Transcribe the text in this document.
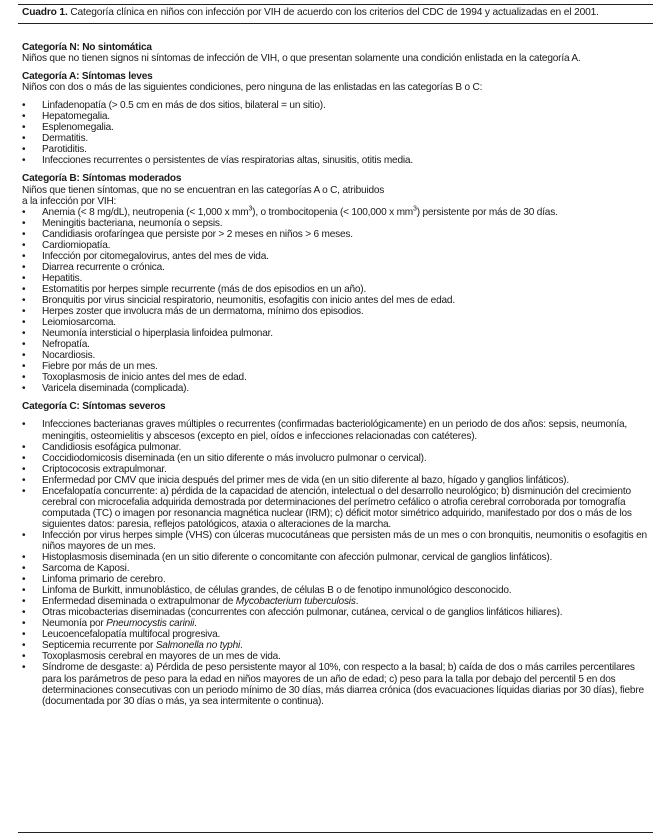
Cuadro 1. Categoría clínica en niños con infección por VIH de acuerdo con los criterios del CDC de 1994 y actualizadas en el 2001.
Categoría N: No sintomática
Niños que no tienen signos ni síntomas de infección de VIH, o que presentan solamente una condición enlistada en la categoría A.
Categoría A: Síntomas leves
Niños con dos o más de las siguientes condiciones, pero ninguna de las enlistadas en las categorías B o C:
• Linfadenopatía (> 0.5 cm en más de dos sitios, bilateral = un sitio).
• Hepatomegalia.
• Esplenomegalia.
• Dermatitis.
• Parotiditis.
• Infecciones recurrentes o persistentes de vías respiratorias altas, sinusitis, otitis media.
Categoría B: Síntomas moderados
Niños que tienen síntomas, que no se encuentran en las categorías A o C, atribuidos
a la infección por VIH:
• Anemia (< 8 mg/dL), neutropenia (< 1,000 x $mm^3$), o trombocitopenia (< 100,000 x $mm^3$) persistente por más de 30 días.
• Meningitis bacteriana, neumonía o sepsis.
• Candidiasis orofaríngea que persiste por > 2 meses en niños > 6 meses.
• Cardiomiopatía.
• Infección por citomegalovirus, antes del mes de vida.
• Diarrea recurrente o crónica.
• Hepatitis.
• Estomatitis por herpes simple recurrente (más de dos episodios en un año).
• Bronquitis por virus sincicial respiratorio, neumonitis, esofagitis con inicio antes del mes de edad.
• Herpes zoster que involucra más de un dermatoma, mínimo dos episodios.
• Leiomiosarcoma.
• Neumonía intersticial o hiperplasia linfoidea pulmonar.
• Nefropatía.
• Nocardiosis.
• Fiebre por más de un mes.
• Toxoplasmosis de inicio antes del mes de edad.
• Varicela diseminada (complicada).
Categoría C: Síntomas severos
• Infecciones bacterianas graves múltiples o recurrentes (confirmadas bacteriológicamente) en un periodo de dos años: sepsis, neumonía, meningitis, osteomielitis y abscesos (excepto en piel, oídos e infecciones relacionadas con catéteres).
• Candidiosis esofágica pulmonar.
• Coccidiodomicosis diseminada (en un sitio diferente o más involucro pulmonar o cervical).
• Criptococosis extrapulmonar.
• Enfermedad por CMV que inicia después del primer mes de vida (en un sitio diferente al bazo, hígado y ganglios linfáticos).
• Encefalopatía concurrente: a) pérdida de la capacidad de atención, intelectual o del desarrollo neurológico; b) disminución del crecimiento cerebral con microcefalia adquirida demostrada por determinaciones del perímetro cefálico o atrofia cerebral corroborada por tomografía computada (TC) o imagen por resonancia magnética nuclear (IRM); c) déficit motor simétrico adquirido, manifestado por dos o más de los siguientes datos: paresia, reflejos patológicos, ataxia o alteraciones de la marcha.
• Infección por virus herpes simple (VHS) con úlceras mucocutáneas que persisten más de un mes o con bronquitis, neumonitis o esofagitis en niños mayores de un mes.
• Histoplasmosis diseminada (en un sitio diferente o concomitante con afección pulmonar, cervical de ganglios linfáticos).
• Sarcoma de Kaposi.
• Linfoma primario de cerebro.
• Linfoma de Burkitt, inmunoblástico, de células grandes, de células B o de fenotipo inmunológico desconocido.
• Enfermedad diseminada o extrapulmonar de Mycobacterium tuberculosis.
• Otras micobacterias diseminadas (concurrentes con afección pulmonar, cutánea, cervical o de ganglios linfáticos hiliares).
• Neumonía por Pneumocystis carinii.
• Leucoencefalopatía multifocal progresiva.
• Septicemia recurrente por Salmonella no typhi.
• Toxoplasmosis cerebral en mayores de un mes de vida.
• Síndrome de desgaste: a) Pérdida de peso persistente mayor al 10%, con respecto a la basal; b) caída de dos o más carriles percentilares para los parámetros de peso para la edad en niños mayores de un año de edad; c) peso para la talla por debajo del percentil 5 en dos determinaciones consecutivas con un periodo mínimo de 30 días, más diarrea crónica (dos evacuaciones líquidas diarias por 30 días), fiebre (documentada por 30 días o más, ya sea intermitente o continua).
